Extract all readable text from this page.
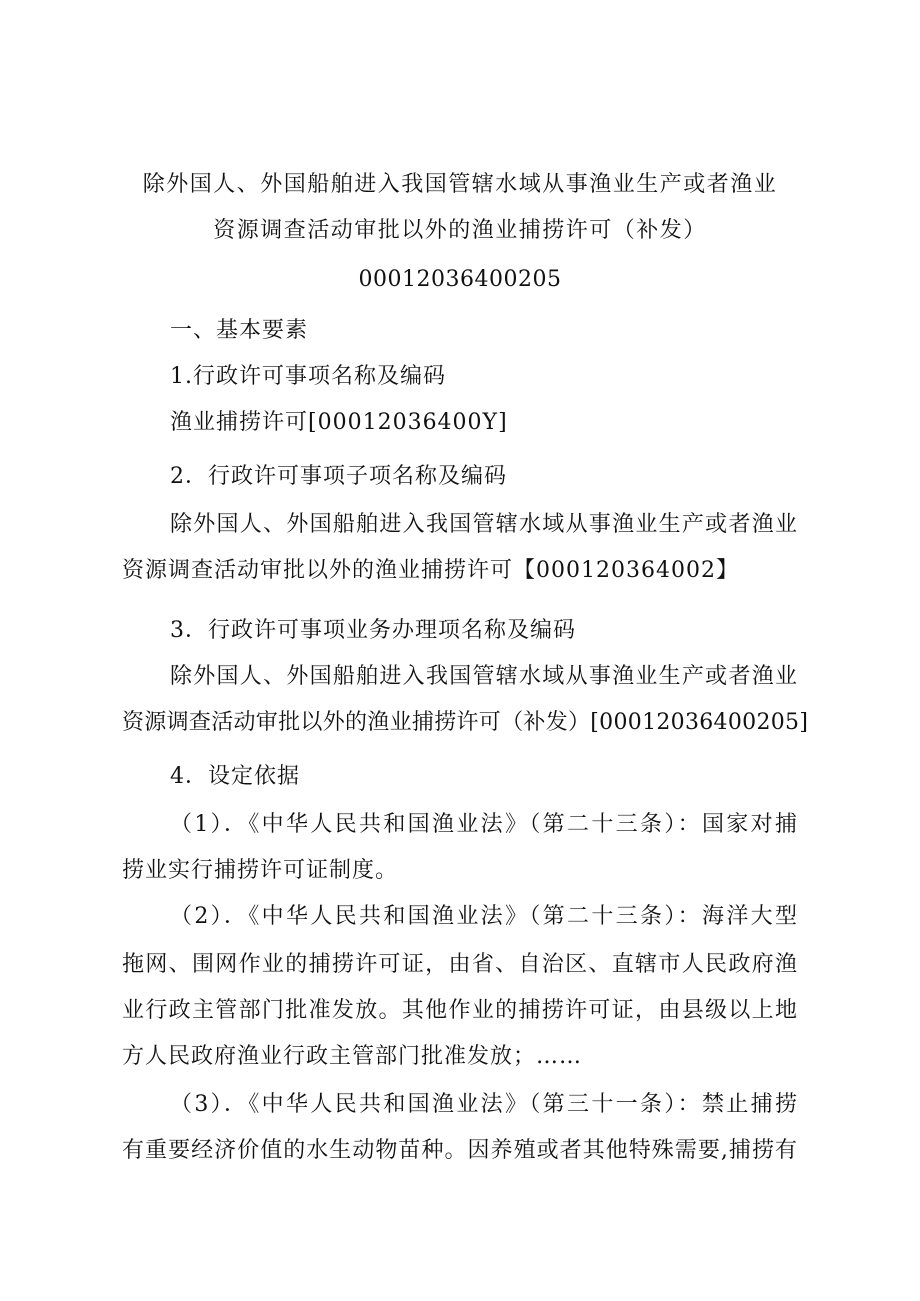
除外国人、外国船舶进入我国管辖水域从事渔业生产或者渔业
资源调查活动审批以外的渔业捕捞许可（补发）
00012036400205
一、基本要素
1.行政许可事项名称及编码
渔业捕捞许可[00012036400Y]
2．行政许可事项子项名称及编码
除外国人、外国船舶进入我国管辖水域从事渔业生产或者渔业
资源调查活动审批以外的渔业捕捞许可【000120364002】
3．行政许可事项业务办理项名称及编码
除外国人、外国船舶进入我国管辖水域从事渔业生产或者渔业
资源调查活动审批以外的渔业捕捞许可（补发）[00012036400205]
4．设定依据
（1）．《中华人民共和国渔业法》（第二十三条）：国家对捕
捞业实行捕捞许可证制度。
（2）．《中华人民共和国渔业法》（第二十三条）：海洋大型
拖网、围网作业的捕捞许可证，由省、自治区、直辖市人民政府渔
业行政主管部门批准发放。其他作业的捕捞许可证，由县级以上地
方人民政府渔业行政主管部门批准发放；……
（3）．《中华人民共和国渔业法》（第三十一条）：禁止捕捞
有重要经济价值的水生动物苗种。因养殖或者其他特殊需要,捕捞有
